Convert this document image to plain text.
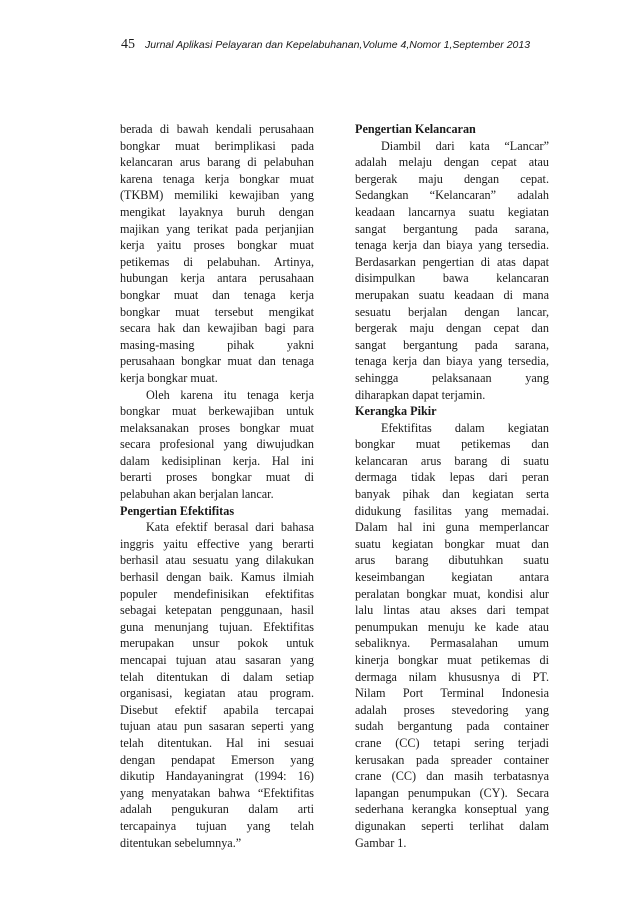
45 Jurnal Aplikasi Pelayaran dan Kepelabuhanan,Volume 4,Nomor 1,September 2013
berada di bawah kendali perusahaan
bongkar muat berimplikasi pada
kelancaran arus barang di pelabuhan
karena tenaga kerja bongkar muat
(TKBM) memiliki kewajiban yang
mengikat layaknya buruh dengan
majikan yang terikat pada perjanjian
kerja yaitu proses bongkar muat
petikemas di pelabuhan. Artinya,
hubungan kerja antara perusahaan
bongkar muat dan tenaga kerja
bongkar muat tersebut mengikat
secara hak dan kewajiban bagi para
masing-masing pihak yakni
perusahaan bongkar muat dan tenaga
kerja bongkar muat.
Oleh karena itu tenaga kerja
bongkar muat berkewajiban untuk
melaksanakan proses bongkar muat
secara profesional yang diwujudkan
dalam kedisiplinan kerja. Hal ini
berarti proses bongkar muat di
pelabuhan akan berjalan lancar.
Pengertian Efektifitas
Kata efektif berasal dari bahasa
inggris yaitu effective yang berarti
berhasil atau sesuatu yang dilakukan
berhasil dengan baik. Kamus ilmiah
populer mendefinisikan efektifitas
sebagai ketepatan penggunaan, hasil
guna menunjang tujuan. Efektifitas
merupakan unsur pokok untuk
mencapai tujuan atau sasaran yang
telah ditentukan di dalam setiap
organisasi, kegiatan atau program.
Disebut efektif apabila tercapai
tujuan atau pun sasaran seperti yang
telah ditentukan. Hal ini sesuai
dengan pendapat Emerson yang
dikutip Handayaningrat (1994: 16)
yang menyatakan bahwa “Efektifitas
adalah pengukuran dalam arti
tercapainya tujuan yang telah
ditentukan sebelumnya.”
Pengertian Kelancaran
Diambil dari kata “Lancar”
adalah melaju dengan cepat atau
bergerak maju dengan cepat.
Sedangkan “Kelancaran” adalah
keadaan lancarnya suatu kegiatan
sangat bergantung pada sarana,
tenaga kerja dan biaya yang tersedia.
Berdasarkan pengertian di atas dapat
disimpulkan bawa kelancaran
merupakan suatu keadaan di mana
sesuatu berjalan dengan lancar,
bergerak maju dengan cepat dan
sangat bergantung pada sarana,
tenaga kerja dan biaya yang tersedia,
sehingga pelaksanaan yang
diharapkan dapat terjamin.
Kerangka Pikir
Efektifitas dalam kegiatan
bongkar muat petikemas dan
kelancaran arus barang di suatu
dermaga tidak lepas dari peran
banyak pihak dan kegiatan serta
didukung fasilitas yang memadai.
Dalam hal ini guna memperlancar
suatu kegiatan bongkar muat dan
arus barang dibutuhkan suatu
keseimbangan kegiatan antara
peralatan bongkar muat, kondisi alur
lalu lintas atau akses dari tempat
penumpukan menuju ke kade atau
sebaliknya. Permasalahan umum
kinerja bongkar muat petikemas di
dermaga nilam khususnya di PT.
Nilam Port Terminal Indonesia
adalah proses stevedoring yang
sudah bergantung pada container
crane (CC) tetapi sering terjadi
kerusakan pada spreader container
crane (CC) dan masih terbatasnya
lapangan penumpukan (CY). Secara
sederhana kerangka konseptual yang
digunakan seperti terlihat dalam
Gambar 1.
